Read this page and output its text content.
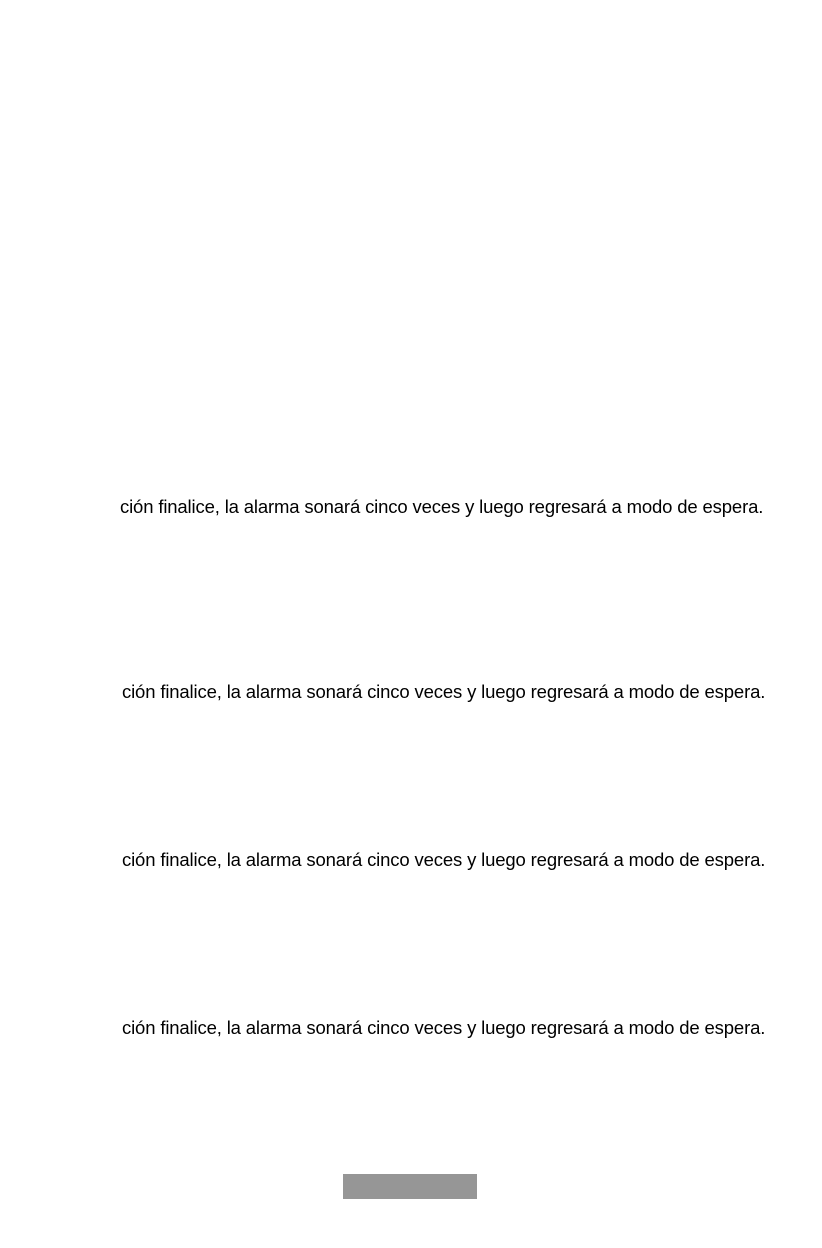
ción finalice, la alarma sonará cinco veces y luego regresará a modo de espera.
ción finalice, la alarma sonará cinco veces y luego regresará a modo de espera.
ción finalice, la alarma sonará cinco veces y luego regresará a modo de espera.
ción finalice, la alarma sonará cinco veces y luego regresará a modo de espera.
